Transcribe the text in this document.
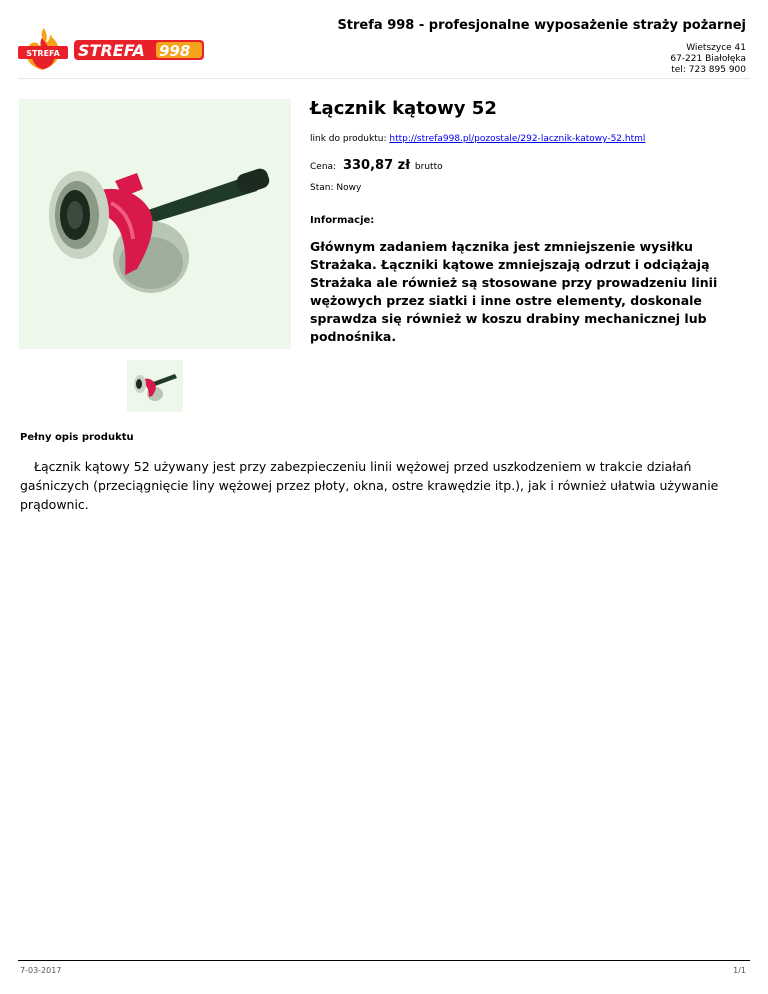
Strefa 998 - profesjonalne wyposażenie straży pożarnej
STREFA STREFA 998	Wietszyce 41
67-221 Białołęka
tel: 723 895 900
Łącznik kątowy 52
link do produktu: http://strefa998.pl/pozostale/292-lacznik-katowy-52.html
Cena: 330,87 zł brutto
Stan: Nowy
Informacje:

Głównym zadaniem łącznika jest zmniejszenie wysiłku Strażaka. Łączniki kątowe zmniejszają odrzut i odciążają Strażaka ale również są stosowane przy prowadzeniu linii wężowych przez siatki i inne ostre elementy, doskonale sprawdza się również w koszu drabiny mechanicznej lub podnośnika.

Pełny opis produktu

Łącznik kątowy 52 używany jest przy zabezpieczeniu linii wężowej przed uszkodzeniem w trakcie działań gaśniczych (przeciągnięcie liny wężowej przez płoty, okna, ostre krawędzie itp.), jak i również ułatwia używanie prądownic.

7-03-2017	1/1
